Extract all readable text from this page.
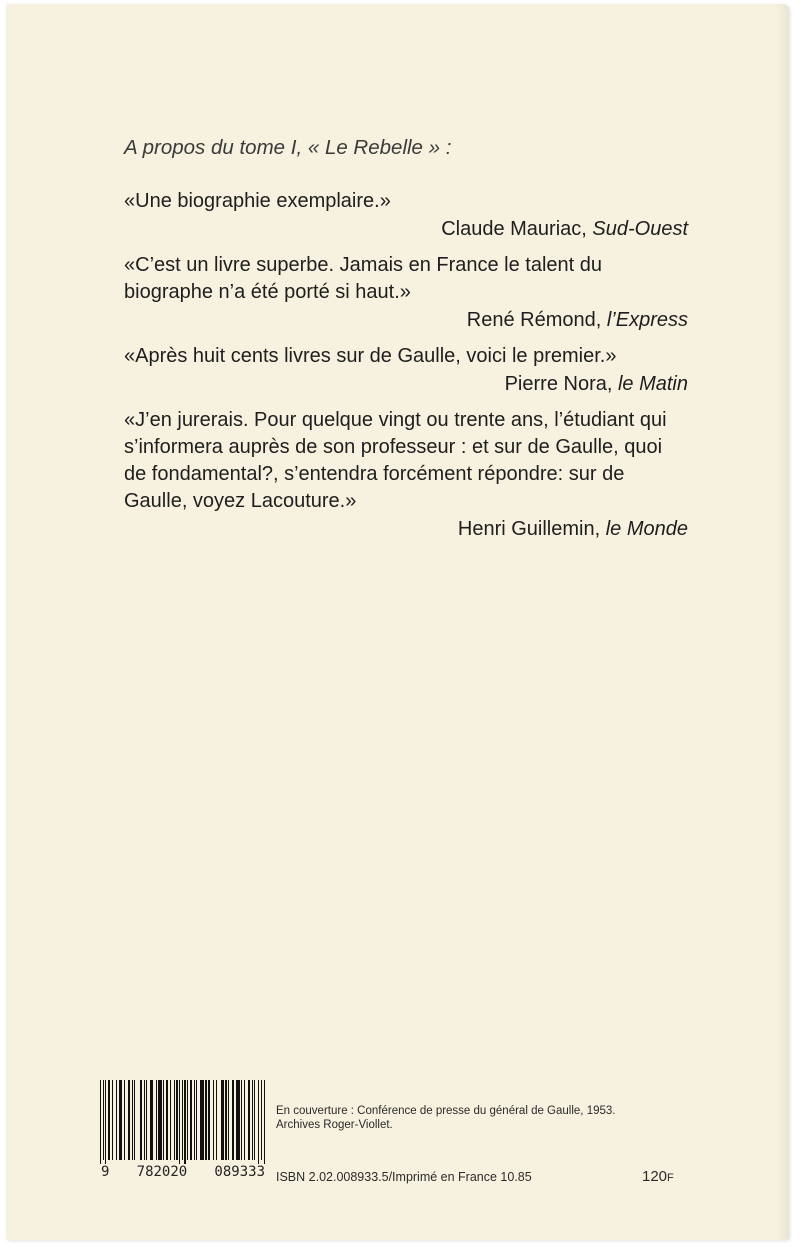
A propos du tome I, « Le Rebelle » :
«Une biographie exemplaire.»
Claude Mauriac, Sud-Ouest
«C’est un livre superbe. Jamais en France le talent du biographe n’a été porté si haut.»
René Rémond, l’Express
«Après huit cents livres sur de Gaulle, voici le premier.»
Pierre Nora, le Matin
«J’en jurerais. Pour quelque vingt ou trente ans, l’étudiant qui s’informera auprès de son professeur : et sur de Gaulle, quoi de fondamental?, s’entendra forcément répondre: sur de Gaulle, voyez Lacouture.»
Henri Guillemin, le Monde
9 782020 089333
En couverture : Conférence de presse du général de Gaulle, 1953.
Archives Roger-Viollet.
ISBN 2.02.008933.5/Imprimé en France 10.85	120F
